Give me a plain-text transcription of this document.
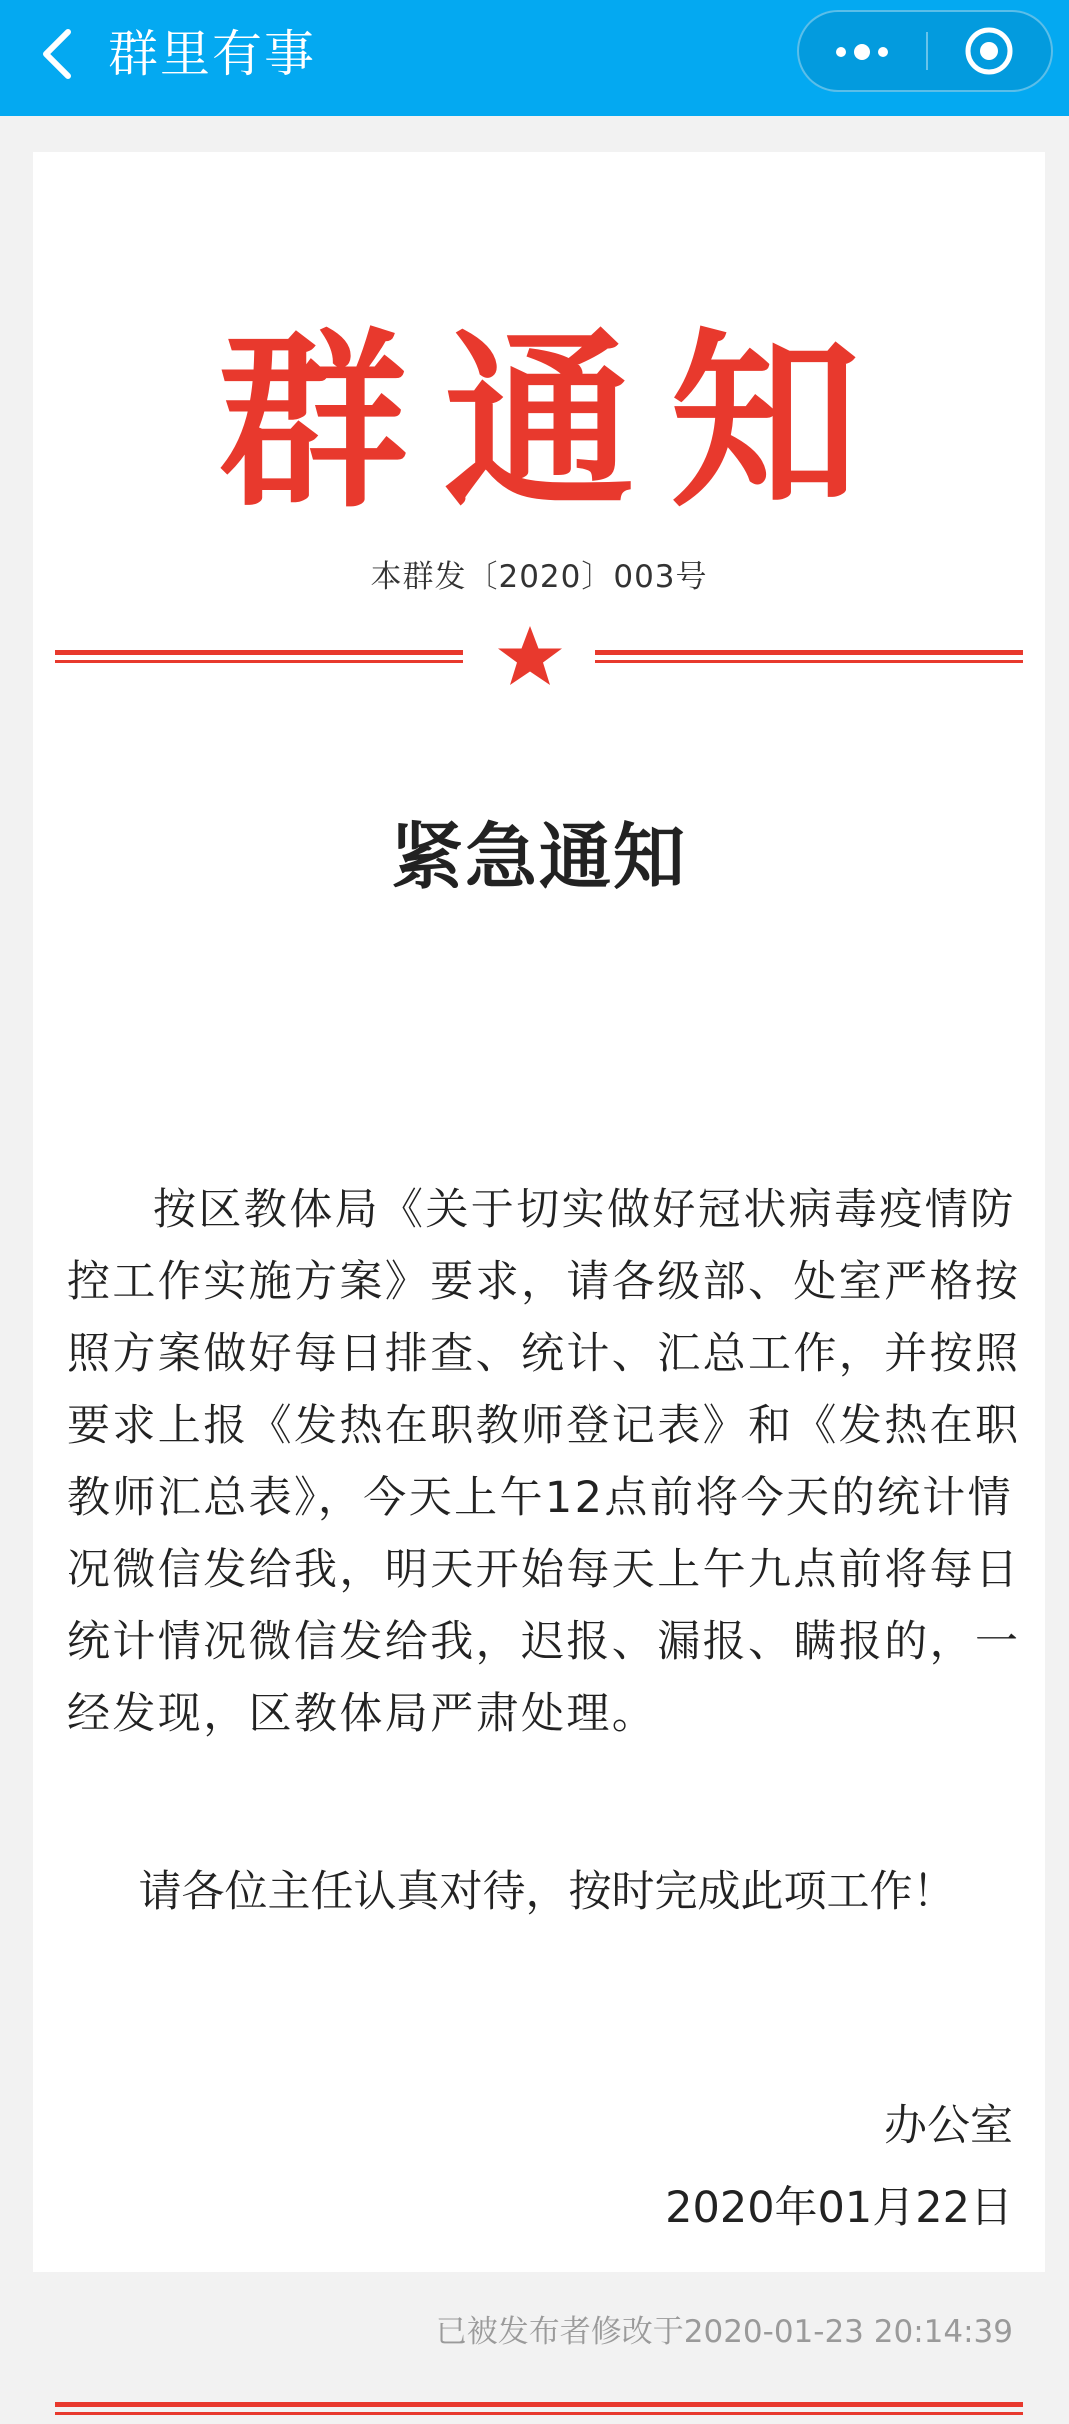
群里有事
群通知
本群发〔2020〕003号
紧急通知

按区教体局《关于切实做好冠状病毒疫情防控工作实施方案》要求，请各级部、处室严格按照方案做好每日排查、统计、汇总工作，并按照要求上报《发热在职教师登记表》和《发热在职教师汇总表》，今天上午12点前将今天的统计情况微信发给我，明天开始每天上午九点前将每日统计情况微信发给我，迟报、漏报、瞒报的，一经发现，区教体局严肃处理。

请各位主任认真对待，按时完成此项工作！

办公室
2020年01月22日
已被发布者修改于2020-01-23 20:14:39
